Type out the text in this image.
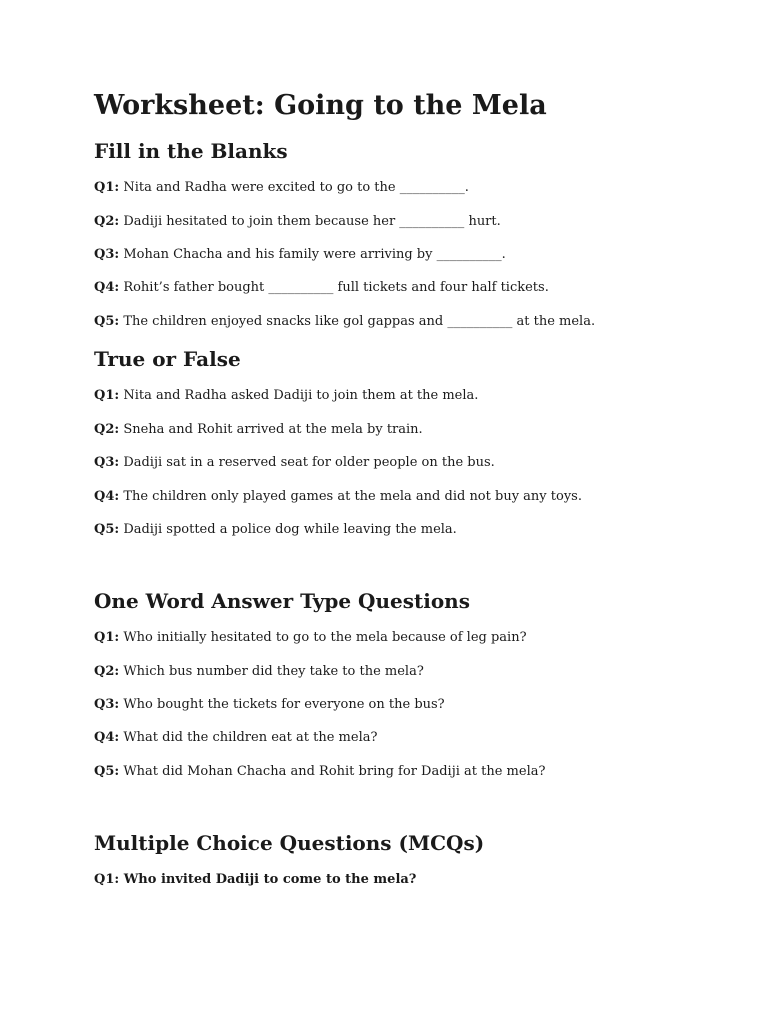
Worksheet: Going to the Mela
Fill in the Blanks

Q1: Nita and Radha were excited to go to the __________.

Q2: Dadiji hesitated to join them because her __________ hurt.

Q3: Mohan Chacha and his family were arriving by __________.

Q4: Rohit’s father bought __________ full tickets and four half tickets.

Q5: The children enjoyed snacks like gol gappas and __________ at the mela.

True or False

Q1: Nita and Radha asked Dadiji to join them at the mela.

Q2: Sneha and Rohit arrived at the mela by train.

Q3: Dadiji sat in a reserved seat for older people on the bus.

Q4: The children only played games at the mela and did not buy any toys.

Q5: Dadiji spotted a police dog while leaving the mela.

One Word Answer Type Questions

Q1: Who initially hesitated to go to the mela because of leg pain?

Q2: Which bus number did they take to the mela?

Q3: Who bought the tickets for everyone on the bus?

Q4: What did the children eat at the mela?

Q5: What did Mohan Chacha and Rohit bring for Dadiji at the mela?

Multiple Choice Questions (MCQs)

Q1: Who invited Dadiji to come to the mela?
